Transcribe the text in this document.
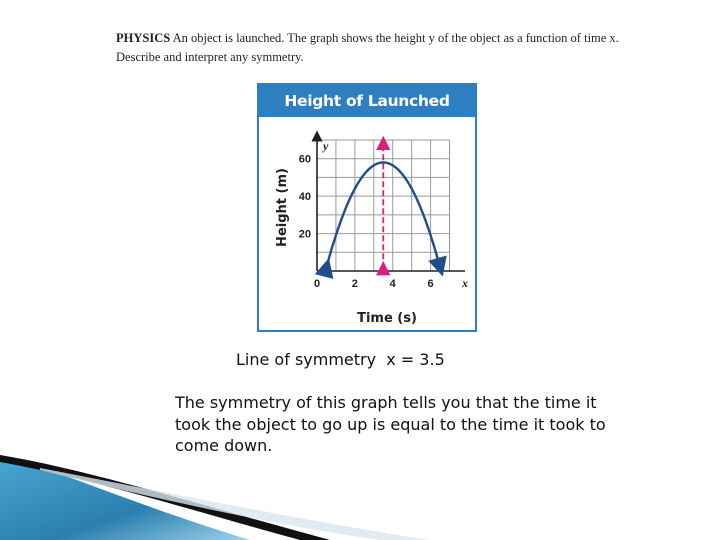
PHYSICS An object is launched. The graph shows the height y of the object as a function of time x. Describe and interpret any symmetry.
Height of Launched Object
0	2	4	6
20
40
60
x
y
Time (s)
Height (m)
Line of symmetry  x = 3.5
The symmetry of this graph tells you that the time it took the object to go up is equal to the time it took to come down.
